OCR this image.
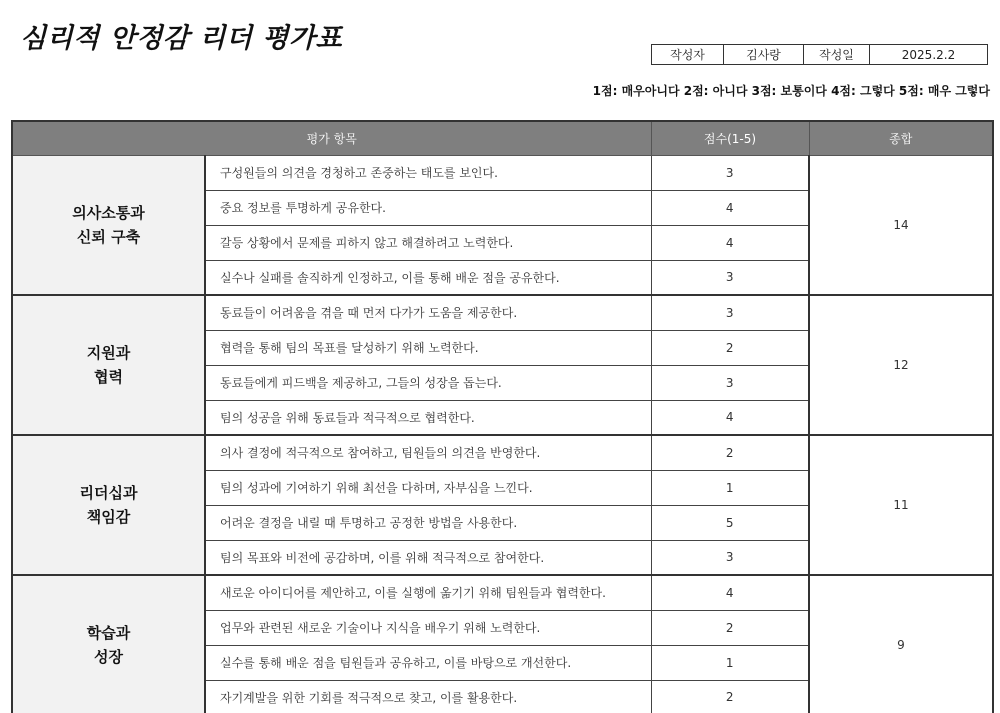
심리적 안정감 리더 평가표
작성자	김사랑	작성일	2025.2.2
1점: 매우아니다 2점: 아니다 3점: 보통이다 4점: 그렇다 5점: 매우 그렇다
평가 항목		점수(1-5)	종합

의사소통과
신뢰 구축	구성원들의 의견을 경청하고 존중하는 태도를 보인다.	3	14
	중요 정보를 투명하게 공유한다.	4	
	갈등 상황에서 문제를 피하지 않고 해결하려고 노력한다.	4	
	실수나 실패를 솔직하게 인정하고, 이를 통해 배운 점을 공유한다.	3	

지원과
협력	동료들이 어려움을 겪을 때 먼저 다가가 도움을 제공한다.	3	12
	협력을 통해 팀의 목표를 달성하기 위해 노력한다.	2	
	동료들에게 피드백을 제공하고, 그들의 성장을 돕는다.	3	
	팀의 성공을 위해 동료들과 적극적으로 협력한다.	4	

리더십과
책임감	의사 결정에 적극적으로 참여하고, 팀원들의 의견을 반영한다.	2	11
	팀의 성과에 기여하기 위해 최선을 다하며, 자부심을 느낀다.	1	
	어려운 결정을 내릴 때 투명하고 공정한 방법을 사용한다.	5	
	팀의 목표와 비전에 공감하며, 이를 위해 적극적으로 참여한다.	3	

학습과
성장	새로운 아이디어를 제안하고, 이를 실행에 옮기기 위해 팀원들과 협력한다.	4	9
	업무와 관련된 새로운 기술이나 지식을 배우기 위해 노력한다.	2	
	실수를 통해 배운 점을 팀원들과 공유하고, 이를 바탕으로 개선한다.	1	
	자기계발을 위한 기회를 적극적으로 찾고, 이를 활용한다.	2	
